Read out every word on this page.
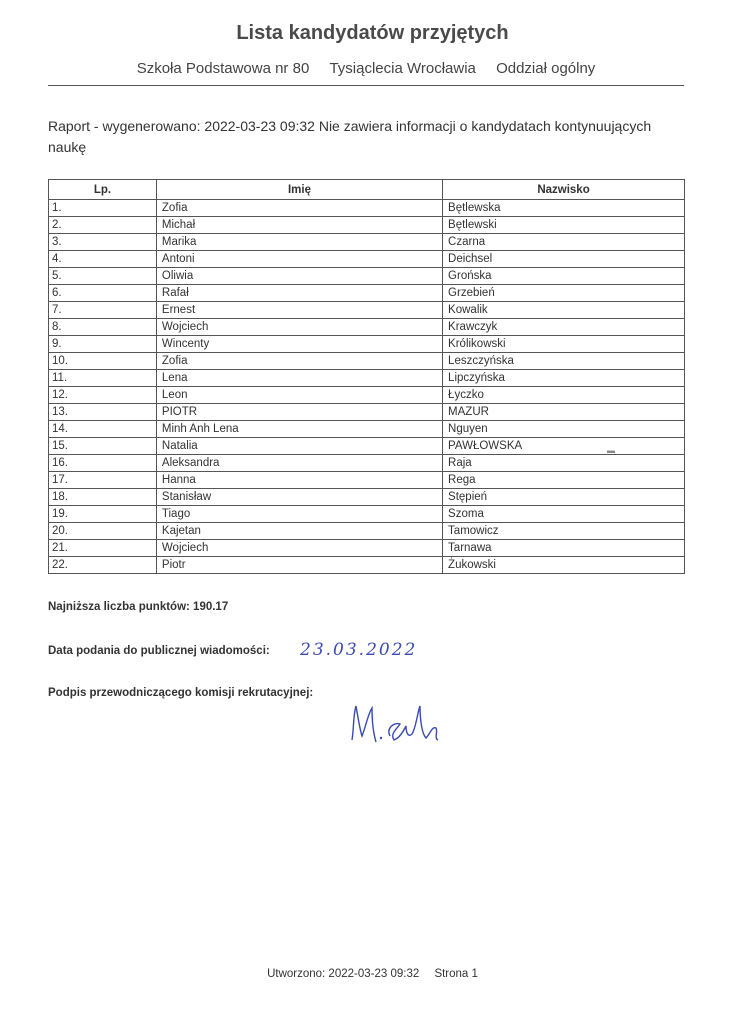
Lista kandydatów przyjętych
Szkoła Podstawowa nr 80 Tysiąclecia Wrocławia Oddział ogólny
Raport - wygenerowano: 2022-03-23 09:32 Nie zawiera informacji o kandydatach kontynuujących naukę
Lp.	Imię	Nazwisko
1.	Zofia	Bętlewska
2.	Michał	Bętlewski
3.	Marika	Czarna
4.	Antoni	Deichsel
5.	Oliwia	Grońska
6.	Rafał	Grzebień
7.	Ernest	Kowalik
8.	Wojciech	Krawczyk
9.	Wincenty	Królikowski
10.	Zofia	Leszczyńska
11.	Lena	Lipczyńska
12.	Leon	Łyczko
13.	PIOTR	MAZUR
14.	Minh Anh Lena	Nguyen
15.	Natalia	PAWŁOWSKA
16.	Aleksandra	Raja
17.	Hanna	Rega
18.	Stanisław	Stępień
19.	Tiago	Szoma
20.	Kajetan	Tamowicz
21.	Wojciech	Tarnawa
22.	Piotr	Żukowski
▬
Najniższa liczba punktów: 190.17
Data podania do publicznej wiadomości: 23.03.2022
Podpis przewodniczącego komisji rekrutacyjnej:
Utworzono: 2022-03-23 09:32 Strona 1
